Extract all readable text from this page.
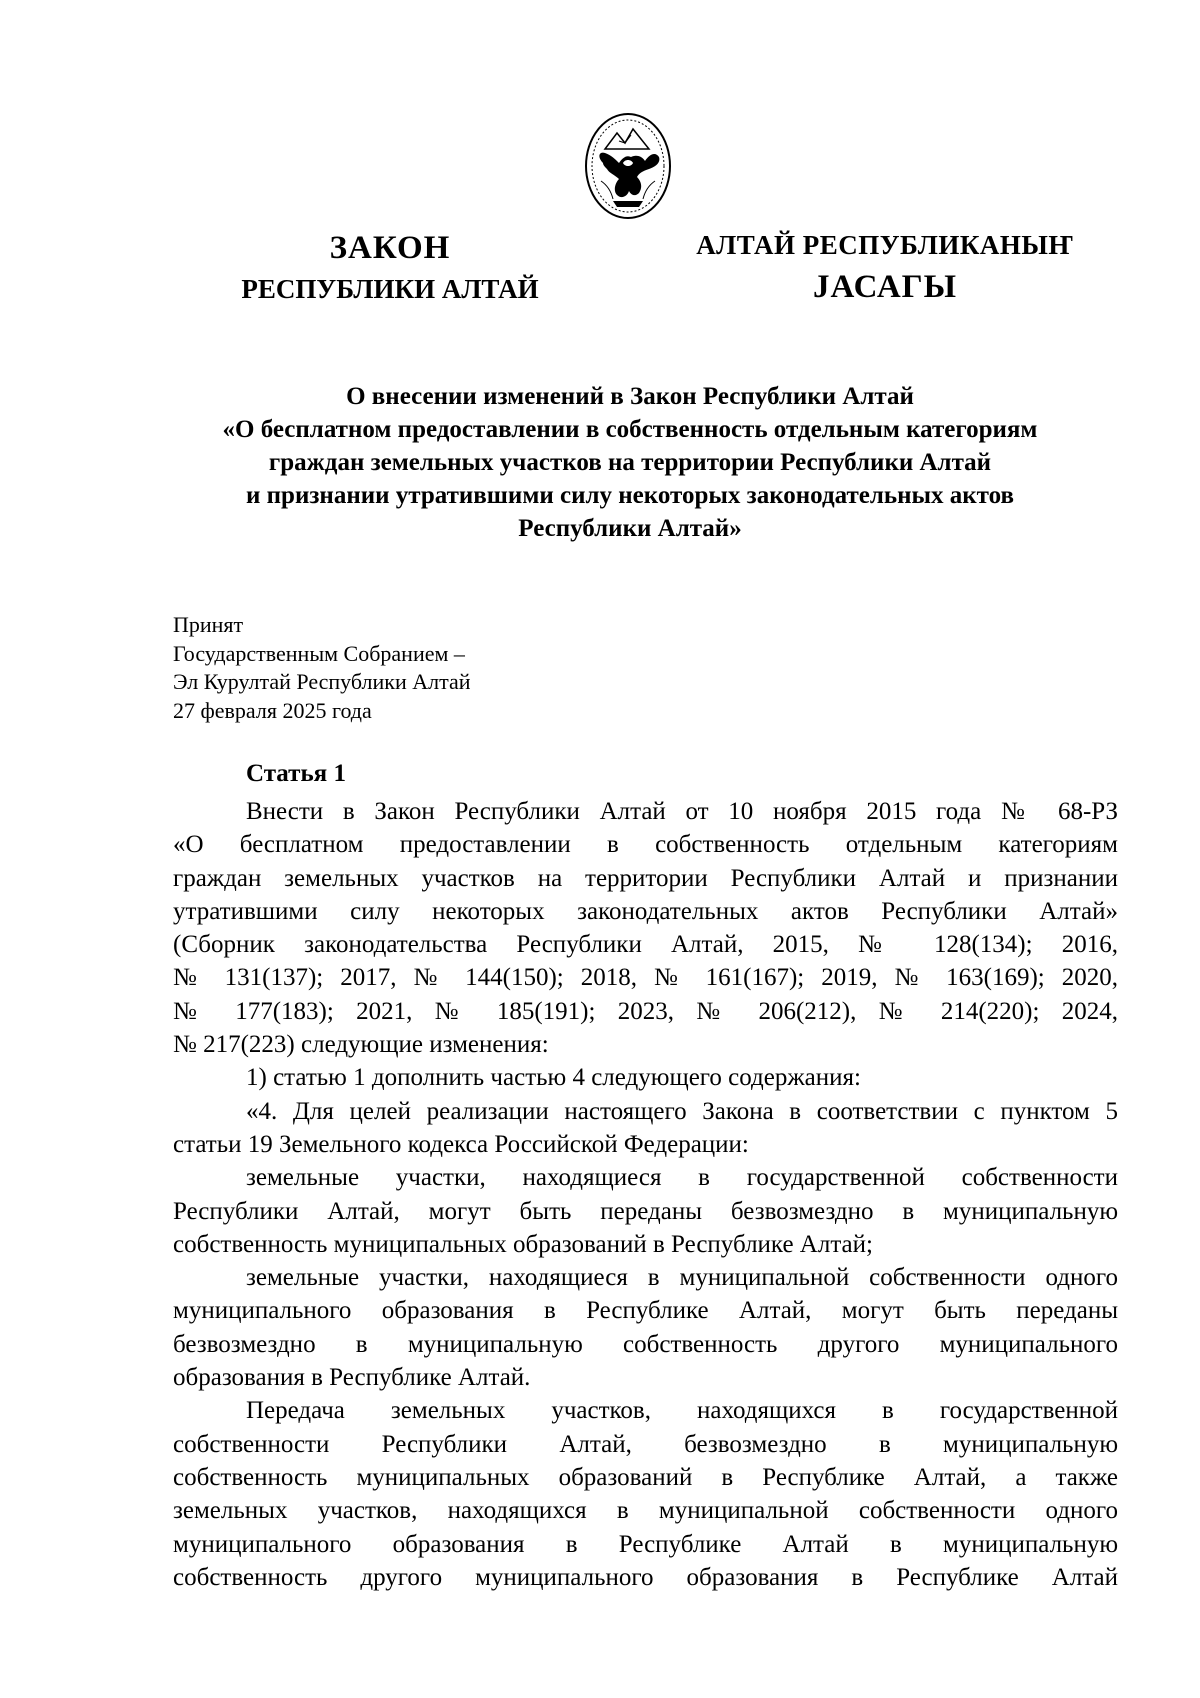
ЗАКОН
РЕСПУБЛИКИ АЛТАЙ
АЛТАЙ РЕСПУБЛИКАНЫҤ
JАСАГЫ
О внесении изменений в Закон Республики Алтай
«О бесплатном предоставлении в собственность отдельным категориям
граждан земельных участков на территории Республики Алтай
и признании утратившими силу некоторых законодательных актов
Республики Алтай»
Принят
Государственным Собранием –
Эл Курултай Республики Алтай
27 февраля 2025 года
Статья 1
Внести в Закон Республики Алтай от 10 ноября 2015 года № 68-РЗ
«О бесплатном предоставлении в собственность отдельным категориям
граждан земельных участков на территории Республики Алтай и признании
утратившими силу некоторых законодательных актов Республики Алтай»
(Сборник законодательства Республики Алтай, 2015, № 128(134); 2016,
№ 131(137); 2017, № 144(150); 2018, № 161(167); 2019, № 163(169); 2020,
№ 177(183); 2021, № 185(191); 2023, № 206(212), № 214(220); 2024,
№ 217(223) следующие изменения:
1) статью 1 дополнить частью 4 следующего содержания:
«4. Для целей реализации настоящего Закона в соответствии с пунктом 5
статьи 19 Земельного кодекса Российской Федерации:
земельные участки, находящиеся в государственной собственности
Республики Алтай, могут быть переданы безвозмездно в муниципальную
собственность муниципальных образований в Республике Алтай;
земельные участки, находящиеся в муниципальной собственности одного
муниципального образования в Республике Алтай, могут быть переданы
безвозмездно в муниципальную собственность другого муниципального
образования в Республике Алтай.
Передача земельных участков, находящихся в государственной
собственности Республики Алтай, безвозмездно в муниципальную
собственность муниципальных образований в Республике Алтай, а также
земельных участков, находящихся в муниципальной собственности одного
муниципального образования в Республике Алтай в муниципальную
собственность другого муниципального образования в Республике Алтай
